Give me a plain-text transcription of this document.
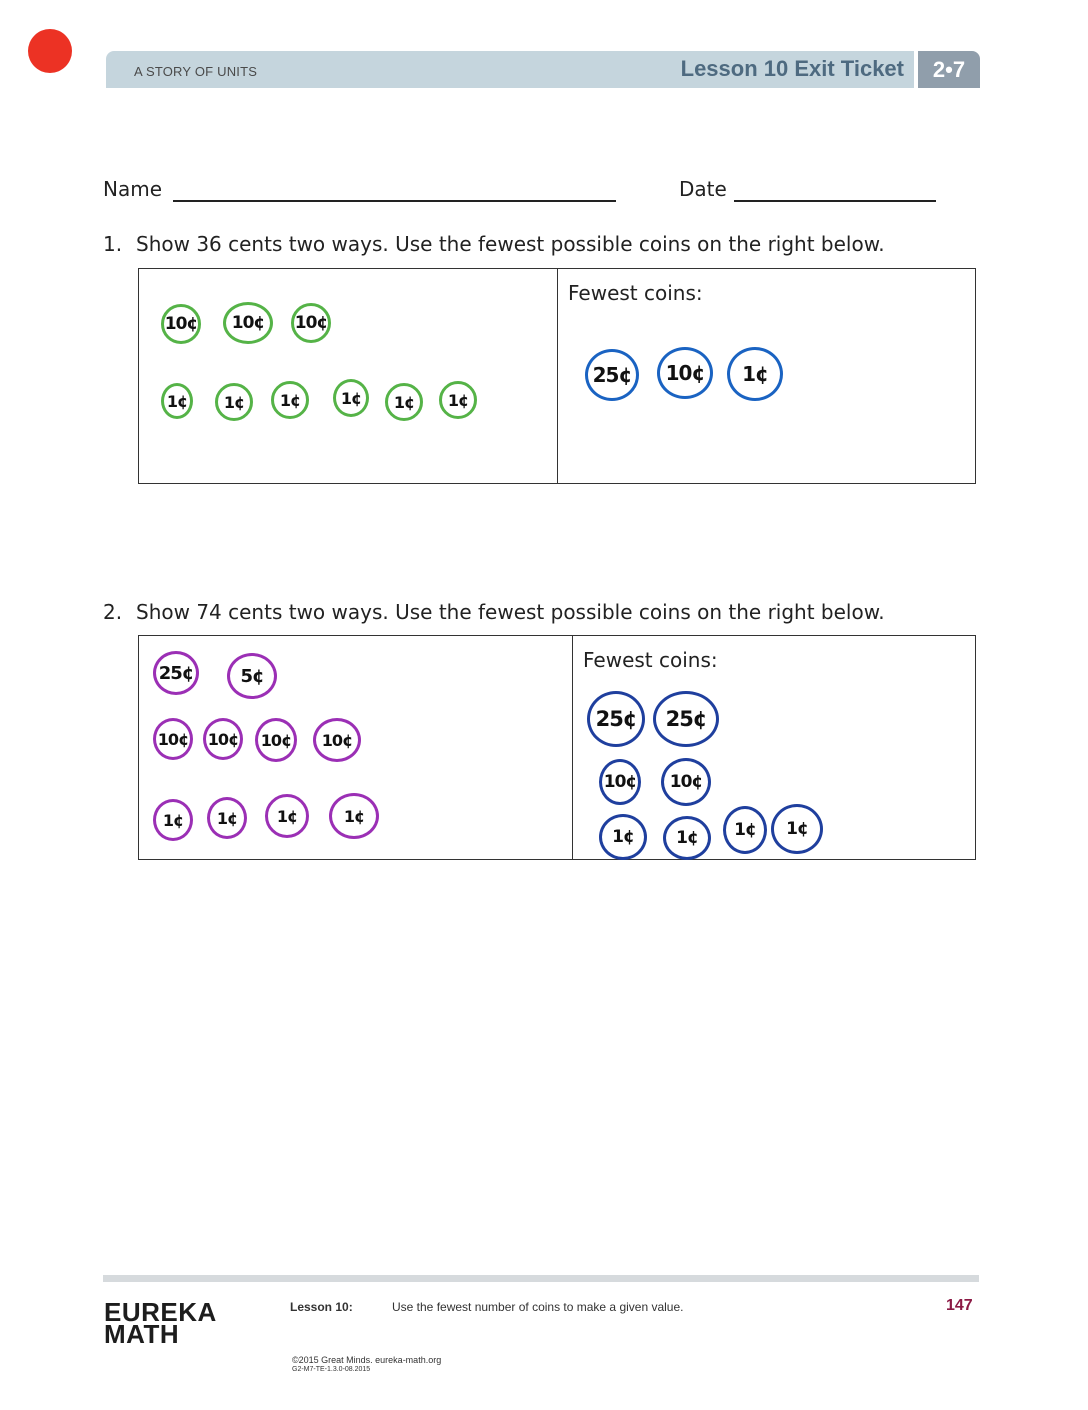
A STORY OF UNITS	Lesson 10 Exit Ticket	2•7
Name	Date
1. Show 36 cents two ways. Use the fewest possible coins on the right below.
10¢	10¢	10¢
1¢	1¢	1¢	1¢	1¢	1¢
Fewest coins:
25¢	10¢	1¢
2. Show 74 cents two ways. Use the fewest possible coins on the right below.
25¢	5¢
10¢ 10¢	10¢	10¢
1¢	1¢	1¢	1¢
Fewest coins:
25¢	25¢
10¢	10¢
1¢	1¢	1¢	1¢
EUREKA
MATH
Lesson 10:	Use the fewest number of coins to make a given value.	147
©2015 Great Minds. eureka-math.org
G2-M7-TE-1.3.0-08.2015
